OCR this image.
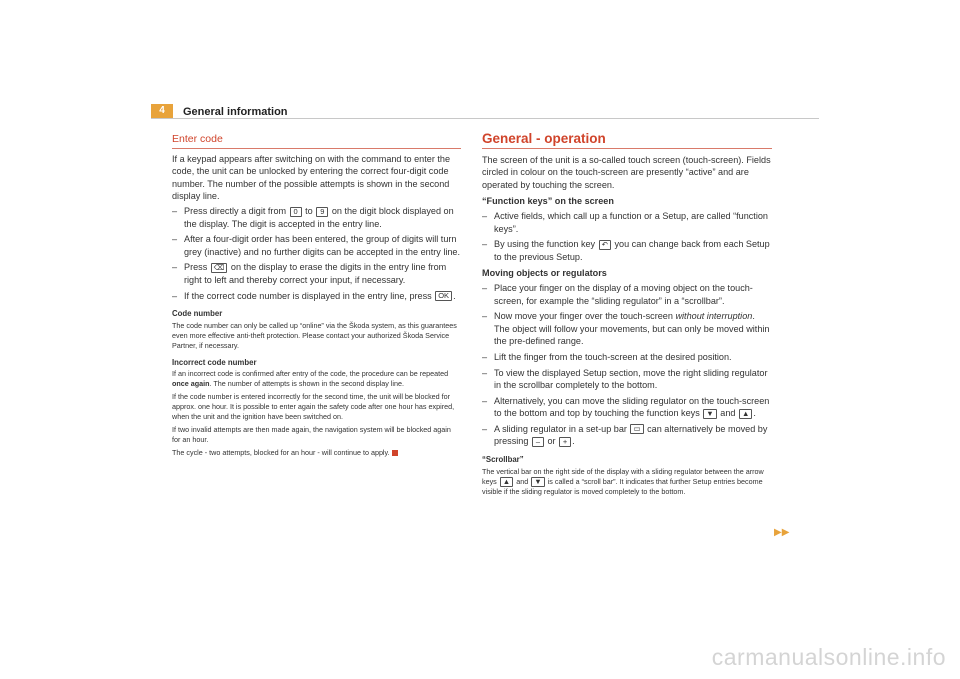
4	General information
Enter code

If a keypad appears after switching on with the command to enter the code, the unit can be unlocked by entering the correct four-digit code number. The number of the possible attempts is shown in the second display line.

– Press directly a digit from 0 to 9 on the digit block displayed on the display. The digit is accepted in the entry line.
– After a four-digit order has been entered, the group of digits will turn grey (inactive) and no further digits can be accepted in the entry line.
– Press ⌫ on the display to erase the digits in the entry line from right to left and thereby correct your input, if necessary.
– If the correct code number is displayed in the entry line, press OK .
Code number
The code number can only be called up “online” via the Škoda system, as this guarantees even more effective anti-theft protection. Please contact your authorized Škoda Service Partner, if necessary.
Incorrect code number
If an incorrect code is confirmed after entry of the code, the procedure can be repeated once again. The number of attempts is shown in the second display line.
If the code number is entered incorrectly for the second time, the unit will be blocked for approx. one hour. It is possible to enter again the safety code after one hour has expired, when the unit and the ignition have been switched on.
If two invalid attempts are then made again, the navigation system will be blocked again for an hour.
The cycle - two attempts, blocked for an hour - will continue to apply.
General - operation

The screen of the unit is a so-called touch screen (touch-screen). Fields circled in colour on the touch-screen are presently “active” and are operated by touching the screen.

“Function keys” on the screen

– Active fields, which call up a function or a Setup, are called “function keys”.
– By using the function key ↶ you can change back from each Setup to the previous Setup.

Moving objects or regulators

– Place your finger on the display of a moving object on the touch-screen, for example the “sliding regulator” in a “scrollbar”.
– Now move your finger over the touch-screen without interruption. The object will follow your movements, but can only be moved within the pre-defined range.
– Lift the finger from the touch-screen at the desired position.
– To view the displayed Setup section, move the right sliding regulator in the scrollbar completely to the bottom.
– Alternatively, you can move the sliding regulator on the touch-screen to the bottom and top by touching the function keys ▼ and ▲ .
– A sliding regulator in a set-up bar ▭ can alternatively be moved by pressing – or + .
“Scrollbar”
The vertical bar on the right side of the display with a sliding regulator between the arrow keys ▲ and ▼ is called a “scroll bar”. It indicates that further Setup entries become visible if the sliding regulator is moved completely to the bottom.
▶▶
carmanualsonline.info
